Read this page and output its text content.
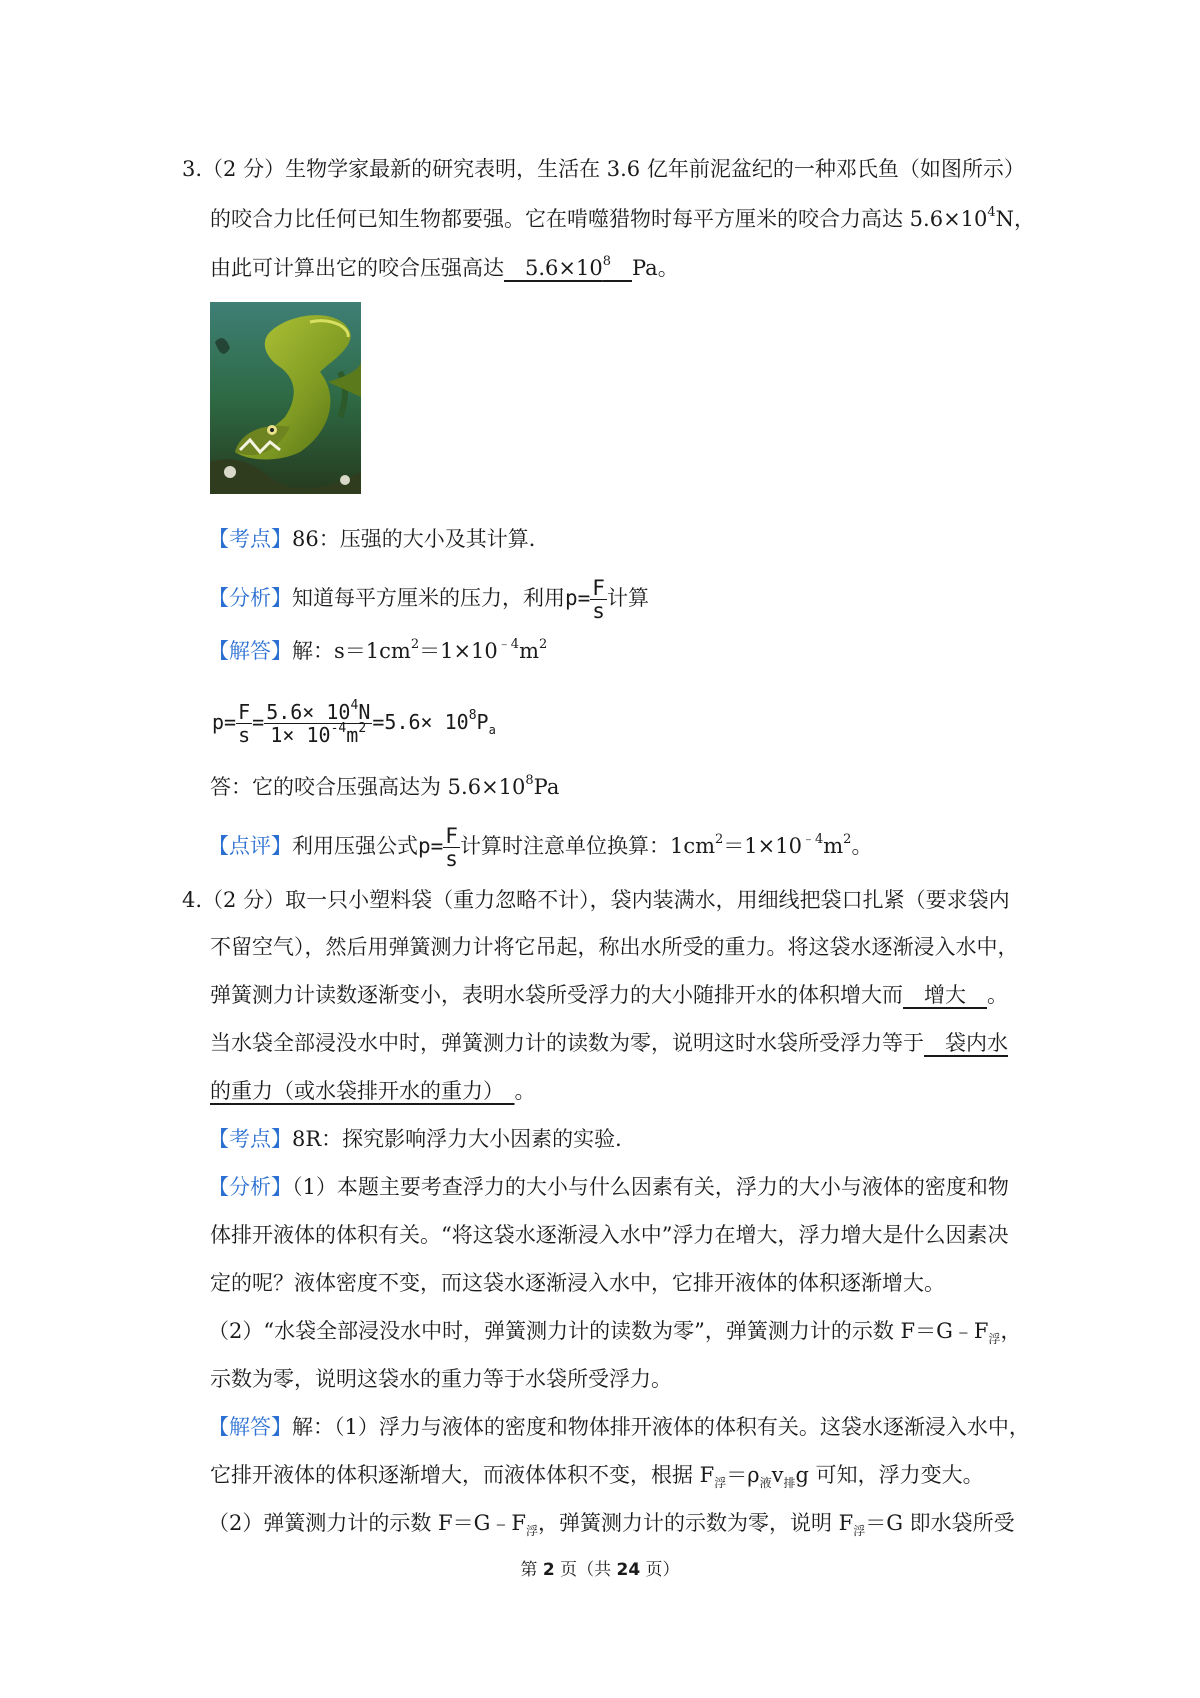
3.（2 分）生物学家最新的研究表明，生活在 3.6 亿年前泥盆纪的一种邓氏鱼（如图所示）
的咬合力比任何已知生物都要强。它在啃噬猎物时每平方厘米的咬合力高达 $5.6\times 10^4N$，
由此可计算出它的咬合压强高达　$5.6\times 10^8$　 Pa。
【考点】86：压强的大小及其计算．
【分析】知道每平方厘米的压力，利用$p= \frac{F}{s}$ 计算
【解答】解：$s=1cm^2=1\times 10^{﹣4}m^2$
$p= \frac{F}{s} = \frac{5.6\times 10^4N}{1\times 10^{-4}m^2} =5.6\times 10^8P_a$
答：它的咬合压强高达为 $5.6\times 10^8Pa$
【点评】利用压强公式$p= \frac{F}{s}$ 计算时注意单位换算：$1cm^2=1\times 10^{﹣4}m^2$。
4.（2 分）取一只小塑料袋（重力忽略不计），袋内装满水，用细线把袋口扎紧（要求袋内
不留空气），然后用弹簧测力计将它吊起，称出水所受的重力。将这袋水逐渐浸入水中，
弹簧测力计读数逐渐变小，表明水袋所受浮力的大小随排开水的体积增大而　增大　。
当水袋全部浸没水中时，弹簧测力计的读数为零，说明这时水袋所受浮力等于　袋内水
的重力（或水袋排开水的重力）　。
【考点】8R：探究影响浮力大小因素的实验．
【分析】（1）本题主要考查浮力的大小与什么因素有关，浮力的大小与液体的密度和物
体排开液体的体积有关。“将这袋水逐渐浸入水中”浮力在增大，浮力增大是什么因素决
定的呢？液体密度不变，而这袋水逐渐浸入水中，它排开液体的体积逐渐增大。
（2）“水袋全部浸没水中时，弹簧测力计的读数为零”，弹簧测力计的示数 $F=G﹣F_浮$，
示数为零，说明这袋水的重力等于水袋所受浮力。
【解答】解：（1）浮力与液体的密度和物体排开液体的体积有关。这袋水逐渐浸入水中，
它排开液体的体积逐渐增大，而液体体积不变，根据 $F_浮=\rho_液v_排g$ 可知，浮力变大。
（2）弹簧测力计的示数 $F=G﹣F_浮$，弹簧测力计的示数为零，说明 $F_浮=G$ 即水袋所受
第 2 页（共 24 页）
